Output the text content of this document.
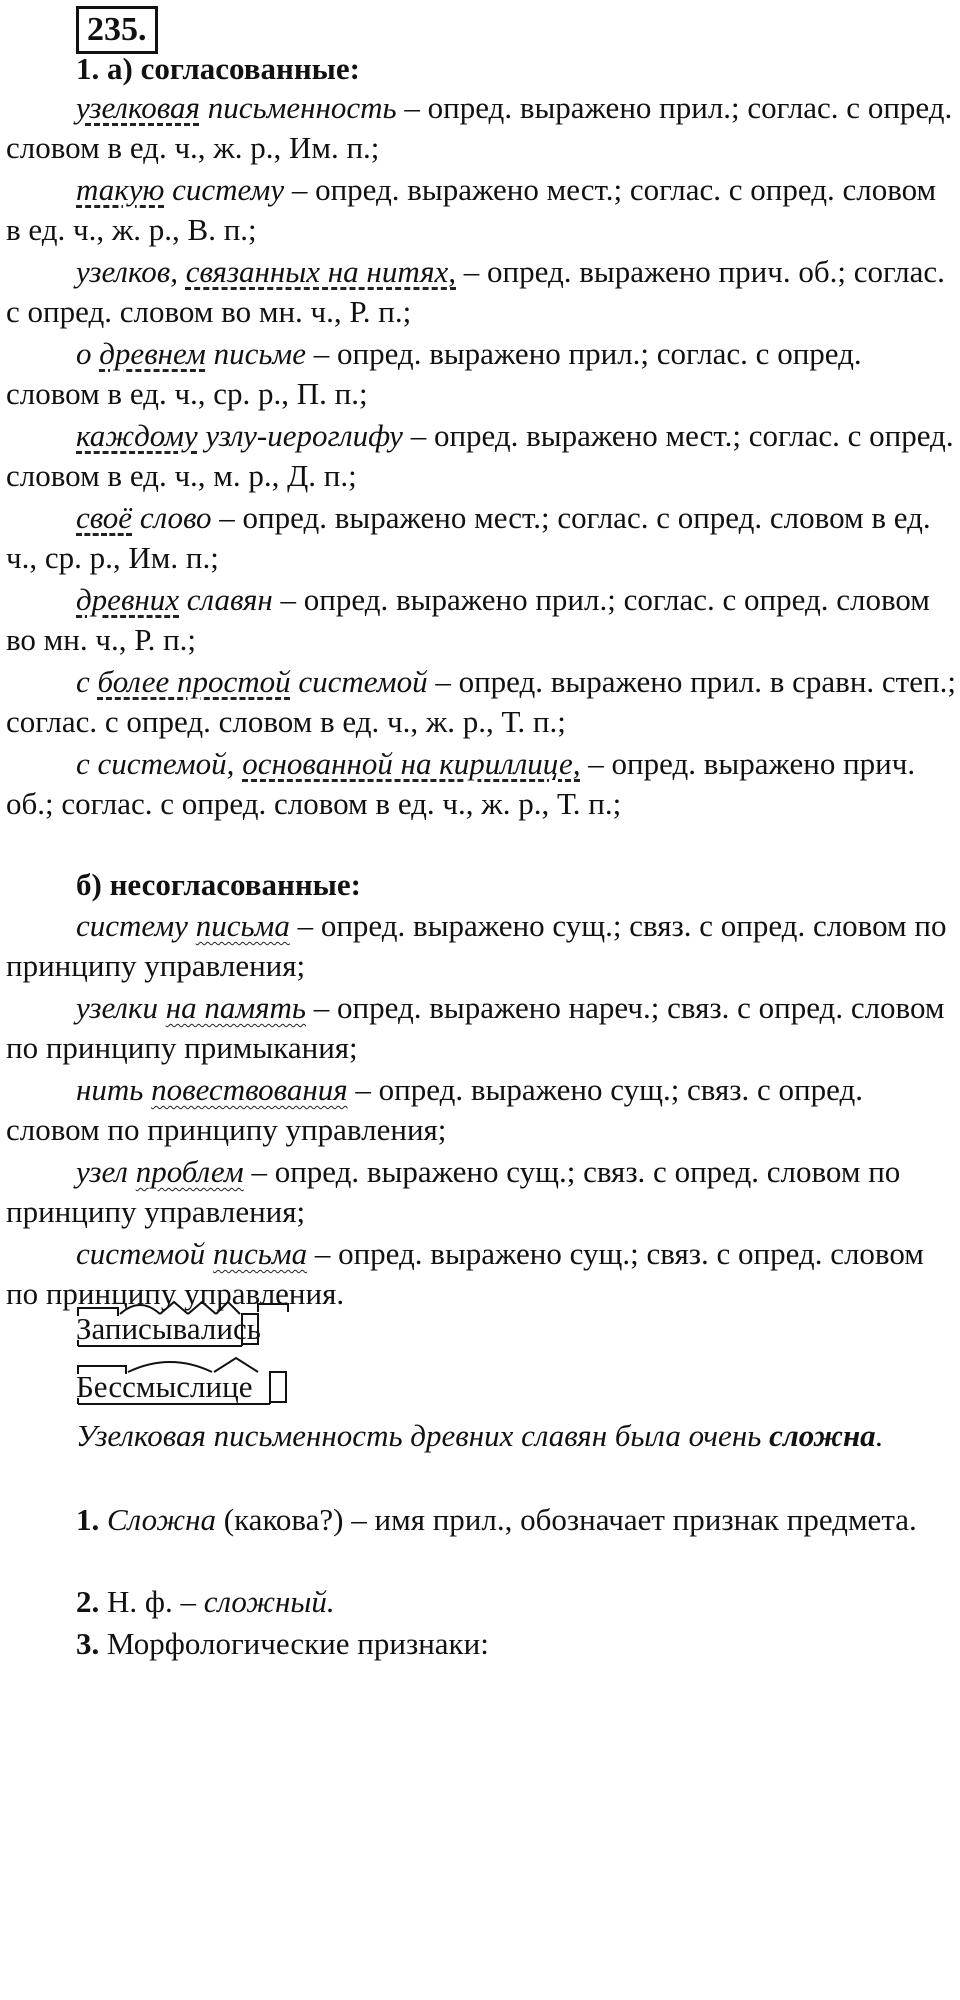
235.
1. а) согласованные:
узелковая письменность – опред. выражено прил.; соглас. с опред. словом в ед. ч., ж. р., Им. п.;
такую систему – опред. выражено мест.; соглас. с опред. словом в ед. ч., ж. р., В. п.;
узелков, связанных на нитях, – опред. выражено прич. об.; соглас. с опред. словом во мн. ч., Р. п.;
о древнем письме – опред. выражено прил.; соглас. с опред. словом в ед. ч., ср. р., П. п.;
каждому узлу-иероглифу – опред. выражено мест.; соглас. с опред. словом в ед. ч., м. р., Д. п.;
своё слово – опред. выражено мест.; соглас. с опред. словом в ед. ч., ср. р., Им. п.;
древних славян – опред. выражено прил.; соглас. с опред. словом во мн. ч., Р. п.;
с более простой системой – опред. выражено прил. в сравн. степ.; соглас. с опред. словом в ед. ч., ж. р., Т. п.;
с системой, основанной на кириллице, – опред. выражено прич. об.; соглас. с опред. словом в ед. ч., ж. р., Т. п.;
б) несогласованные:
систему письма – опред. выражено сущ.; связ. с опред. словом по принципу управления;
узелки на память – опред. выражено нареч.; связ. с опред. словом по принципу примыкания;
нить повествования – опред. выражено сущ.; связ. с опред. словом по принципу управления;
узел проблем – опред. выражено сущ.; связ. с опред. словом по принципу управления;
системой письма – опред. выражено сущ.; связ. с опред. словом по принципу управления.
Записывались
Бессмыслице
Узелковая письменность древних славян была очень сложна.
1. Сложна (какова?) – имя прил., обозначает признак предмета.
2. Н. ф. – сложный.
3. Морфологические признаки:
